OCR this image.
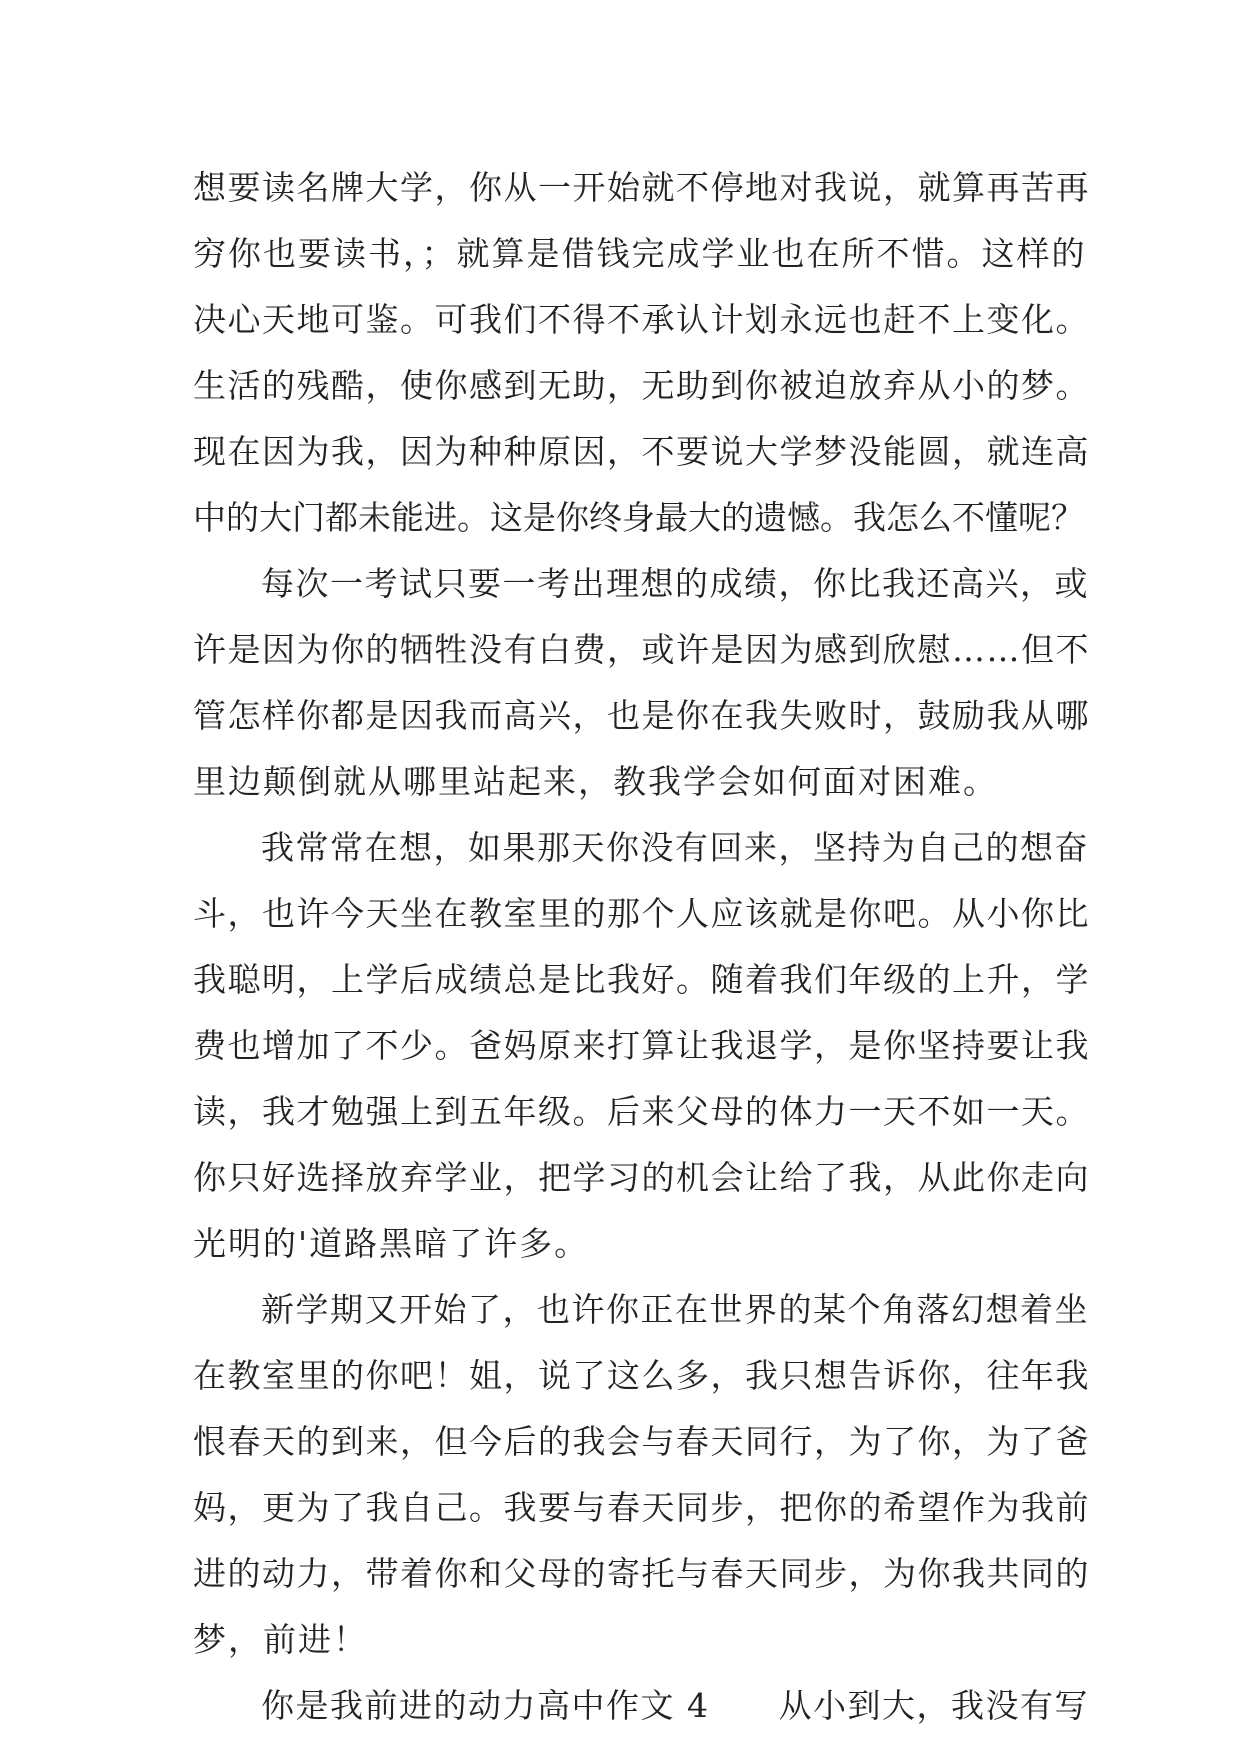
想要读名牌大学，你从一开始就不停地对我说，就算再苦再
穷你也要读书，；就算是借钱完成学业也在所不惜。这样的
决心天地可鉴。可我们不得不承认计划永远也赶不上变化。
生活的残酷，使你感到无助，无助到你被迫放弃从小的梦。
现在因为我，因为种种原因，不要说大学梦没能圆，就连高
中的大门都未能进。这是你终身最大的遗憾。我怎么不懂呢？
每次一考试只要一考出理想的成绩，你比我还高兴，或
许是因为你的牺牲没有白费，或许是因为感到欣慰……但不
管怎样你都是因我而高兴，也是你在我失败时，鼓励我从哪
里边颠倒就从哪里站起来，教我学会如何面对困难。
我常常在想，如果那天你没有回来，坚持为自己的想奋
斗，也许今天坐在教室里的那个人应该就是你吧。从小你比
我聪明，上学后成绩总是比我好。随着我们年级的上升，学
费也增加了不少。爸妈原来打算让我退学，是你坚持要让我
读，我才勉强上到五年级。后来父母的体力一天不如一天。
你只好选择放弃学业，把学习的机会让给了我，从此你走向
光明的'道路黑暗了许多。
新学期又开始了，也许你正在世界的某个角落幻想着坐
在教室里的你吧！姐，说了这么多，我只想告诉你，往年我
恨春天的到来，但今后的我会与春天同行，为了你，为了爸
妈，更为了我自己。我要与春天同步，把你的希望作为我前
进的动力，带着你和父母的寄托与春天同步，为你我共同的
梦，前进！
你是我前进的动力高中作文 4　　从小到大，我没有写
